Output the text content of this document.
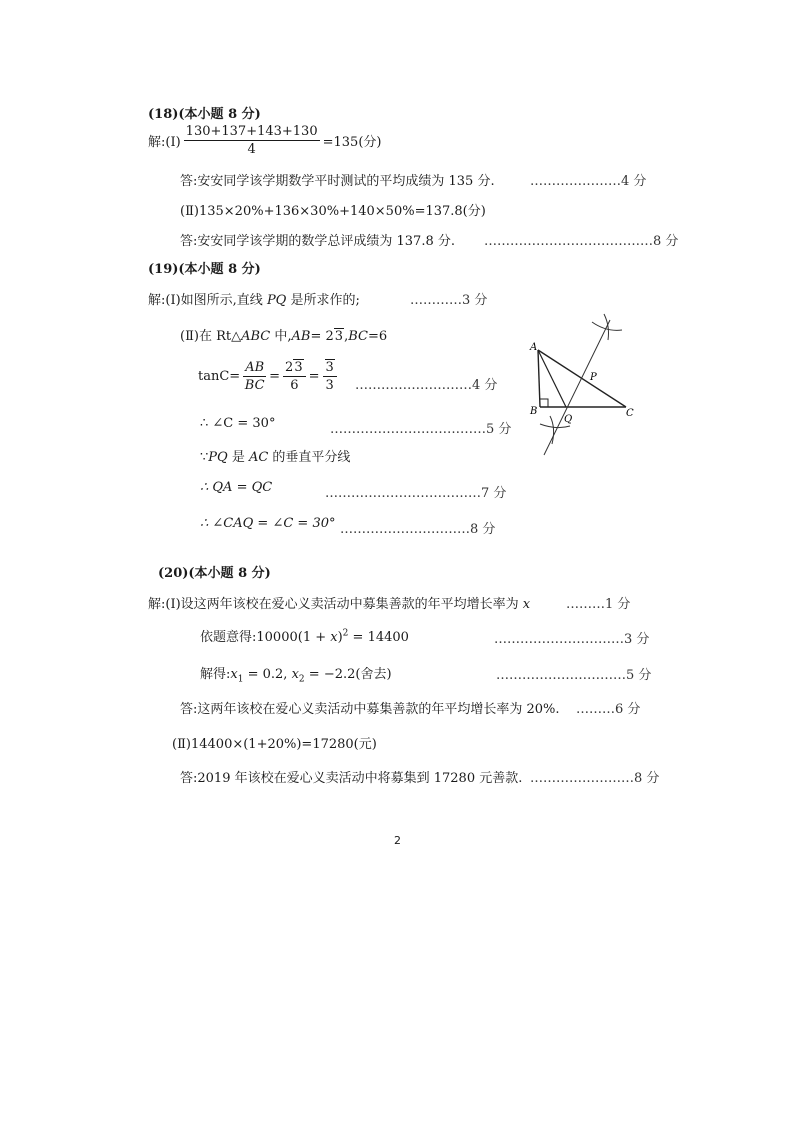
(18)(本小题 8 分)
解:(Ⅰ) $\frac{130+137+143+130}{4} =135$(分)
答:安安同学该学期数学平时测试的平均成绩为 135 分.	…………………4 分
(Ⅱ)135×20%+136×30%+140×50%=137.8(分)
答:安安同学该学期的数学总评成绩为 137.8 分. …………………………………8 分
(19)(本小题 8 分)
解:(Ⅰ)如图所示,直线 PQ 是所求作的;	…………3 分
(Ⅱ)在 Rt△ABC 中,AB= 23,BC=6
$\tan C= \frac{AB}{BC} = \frac{23}{6} = \frac{3}{3}$ ………………………4 分
∴ ∠C = 30°	………………………………5 分
∵PQ 是 AC 的垂直平分线
∴ QA = QC	………………………………7 分
∴ ∠CAQ = ∠C = 30° …………………………8 分
A
B	C
P
Q
(20)(本小题 8 分)
解:(Ⅰ)设这两年该校在爱心义卖活动中募集善款的年平均增长率为 x	………1 分
依题意得:10000(1 + x)$^2$ = 14400	…………………………3 分
解得$:x_1 = 0.2$, $x_2 = -2.2$(舍去)	…………………………5 分
答:这两年该校在爱心义卖活动中募集善款的年平均增长率为 20%. ………6 分
(Ⅱ)14400×(1+20%)=17280(元)
答:2019 年该校在爱心义卖活动中将募集到 17280 元善款. ……………………8 分
2
